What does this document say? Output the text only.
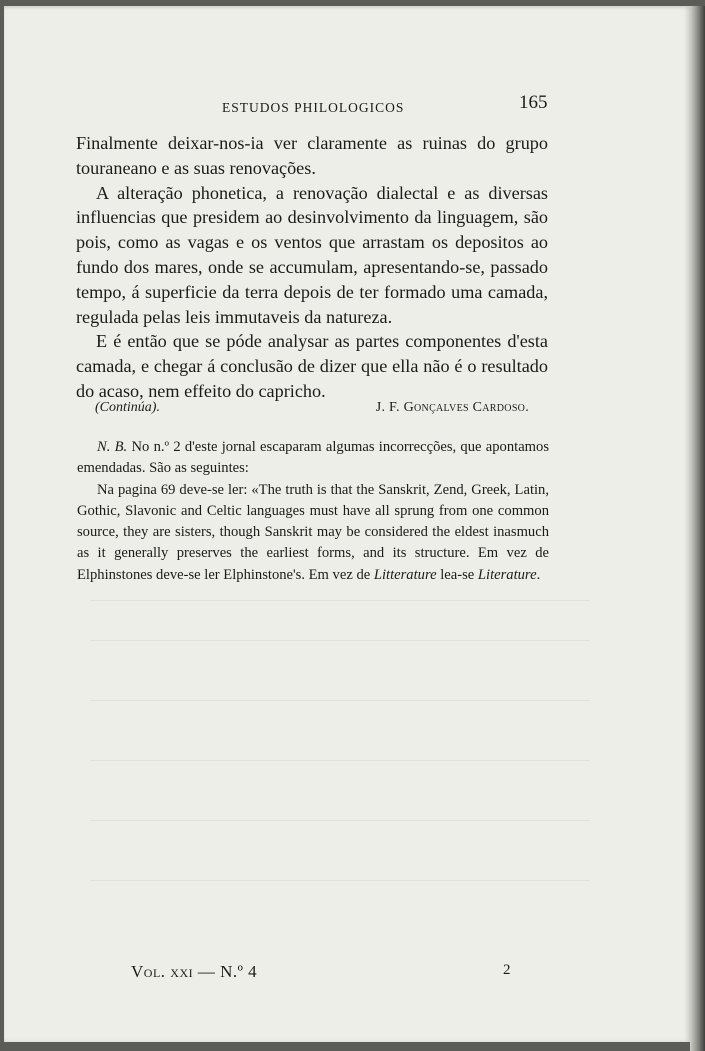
ESTUDOS PHILOLOGICOS	165

Finalmente deixar-nos-ia ver claramente as ruinas do grupo touraneano e as suas renovações.

A alteração phonetica, a renovação dialectal e as diversas influencias que presidem ao desinvolvimento da linguagem, são pois, como as vagas e os ventos que arrastam os depositos ao fundo dos mares, onde se accumulam, apresentando-se, passado tempo, á superficie da terra depois de ter formado uma camada, regulada pelas leis immutaveis da natureza.

E é então que se póde analysar as partes componentes d'esta camada, e chegar á conclusão de dizer que ella não é o resultado do acaso, nem effeito do capricho.

(Continúa).	J. F. Gonçalves Cardoso.

N. B. No n.º 2 d'este jornal escaparam algumas incorrecções, que apontamos emendadas. São as seguintes:

Na pagina 69 deve-se ler: «The truth is that the Sanskrit, Zend, Greek, Latin, Gothic, Slavonic and Celtic languages must have all sprung from one common source, they are sisters, though Sanskrit may be considered the eldest inasmuch as it generally preserves the earliest forms, and its structure. Em vez de Elphinstones deve-se ler Elphinstone's. Em vez de Litterature lea-se Literature.

Vol. xxi — N.º 4	2
